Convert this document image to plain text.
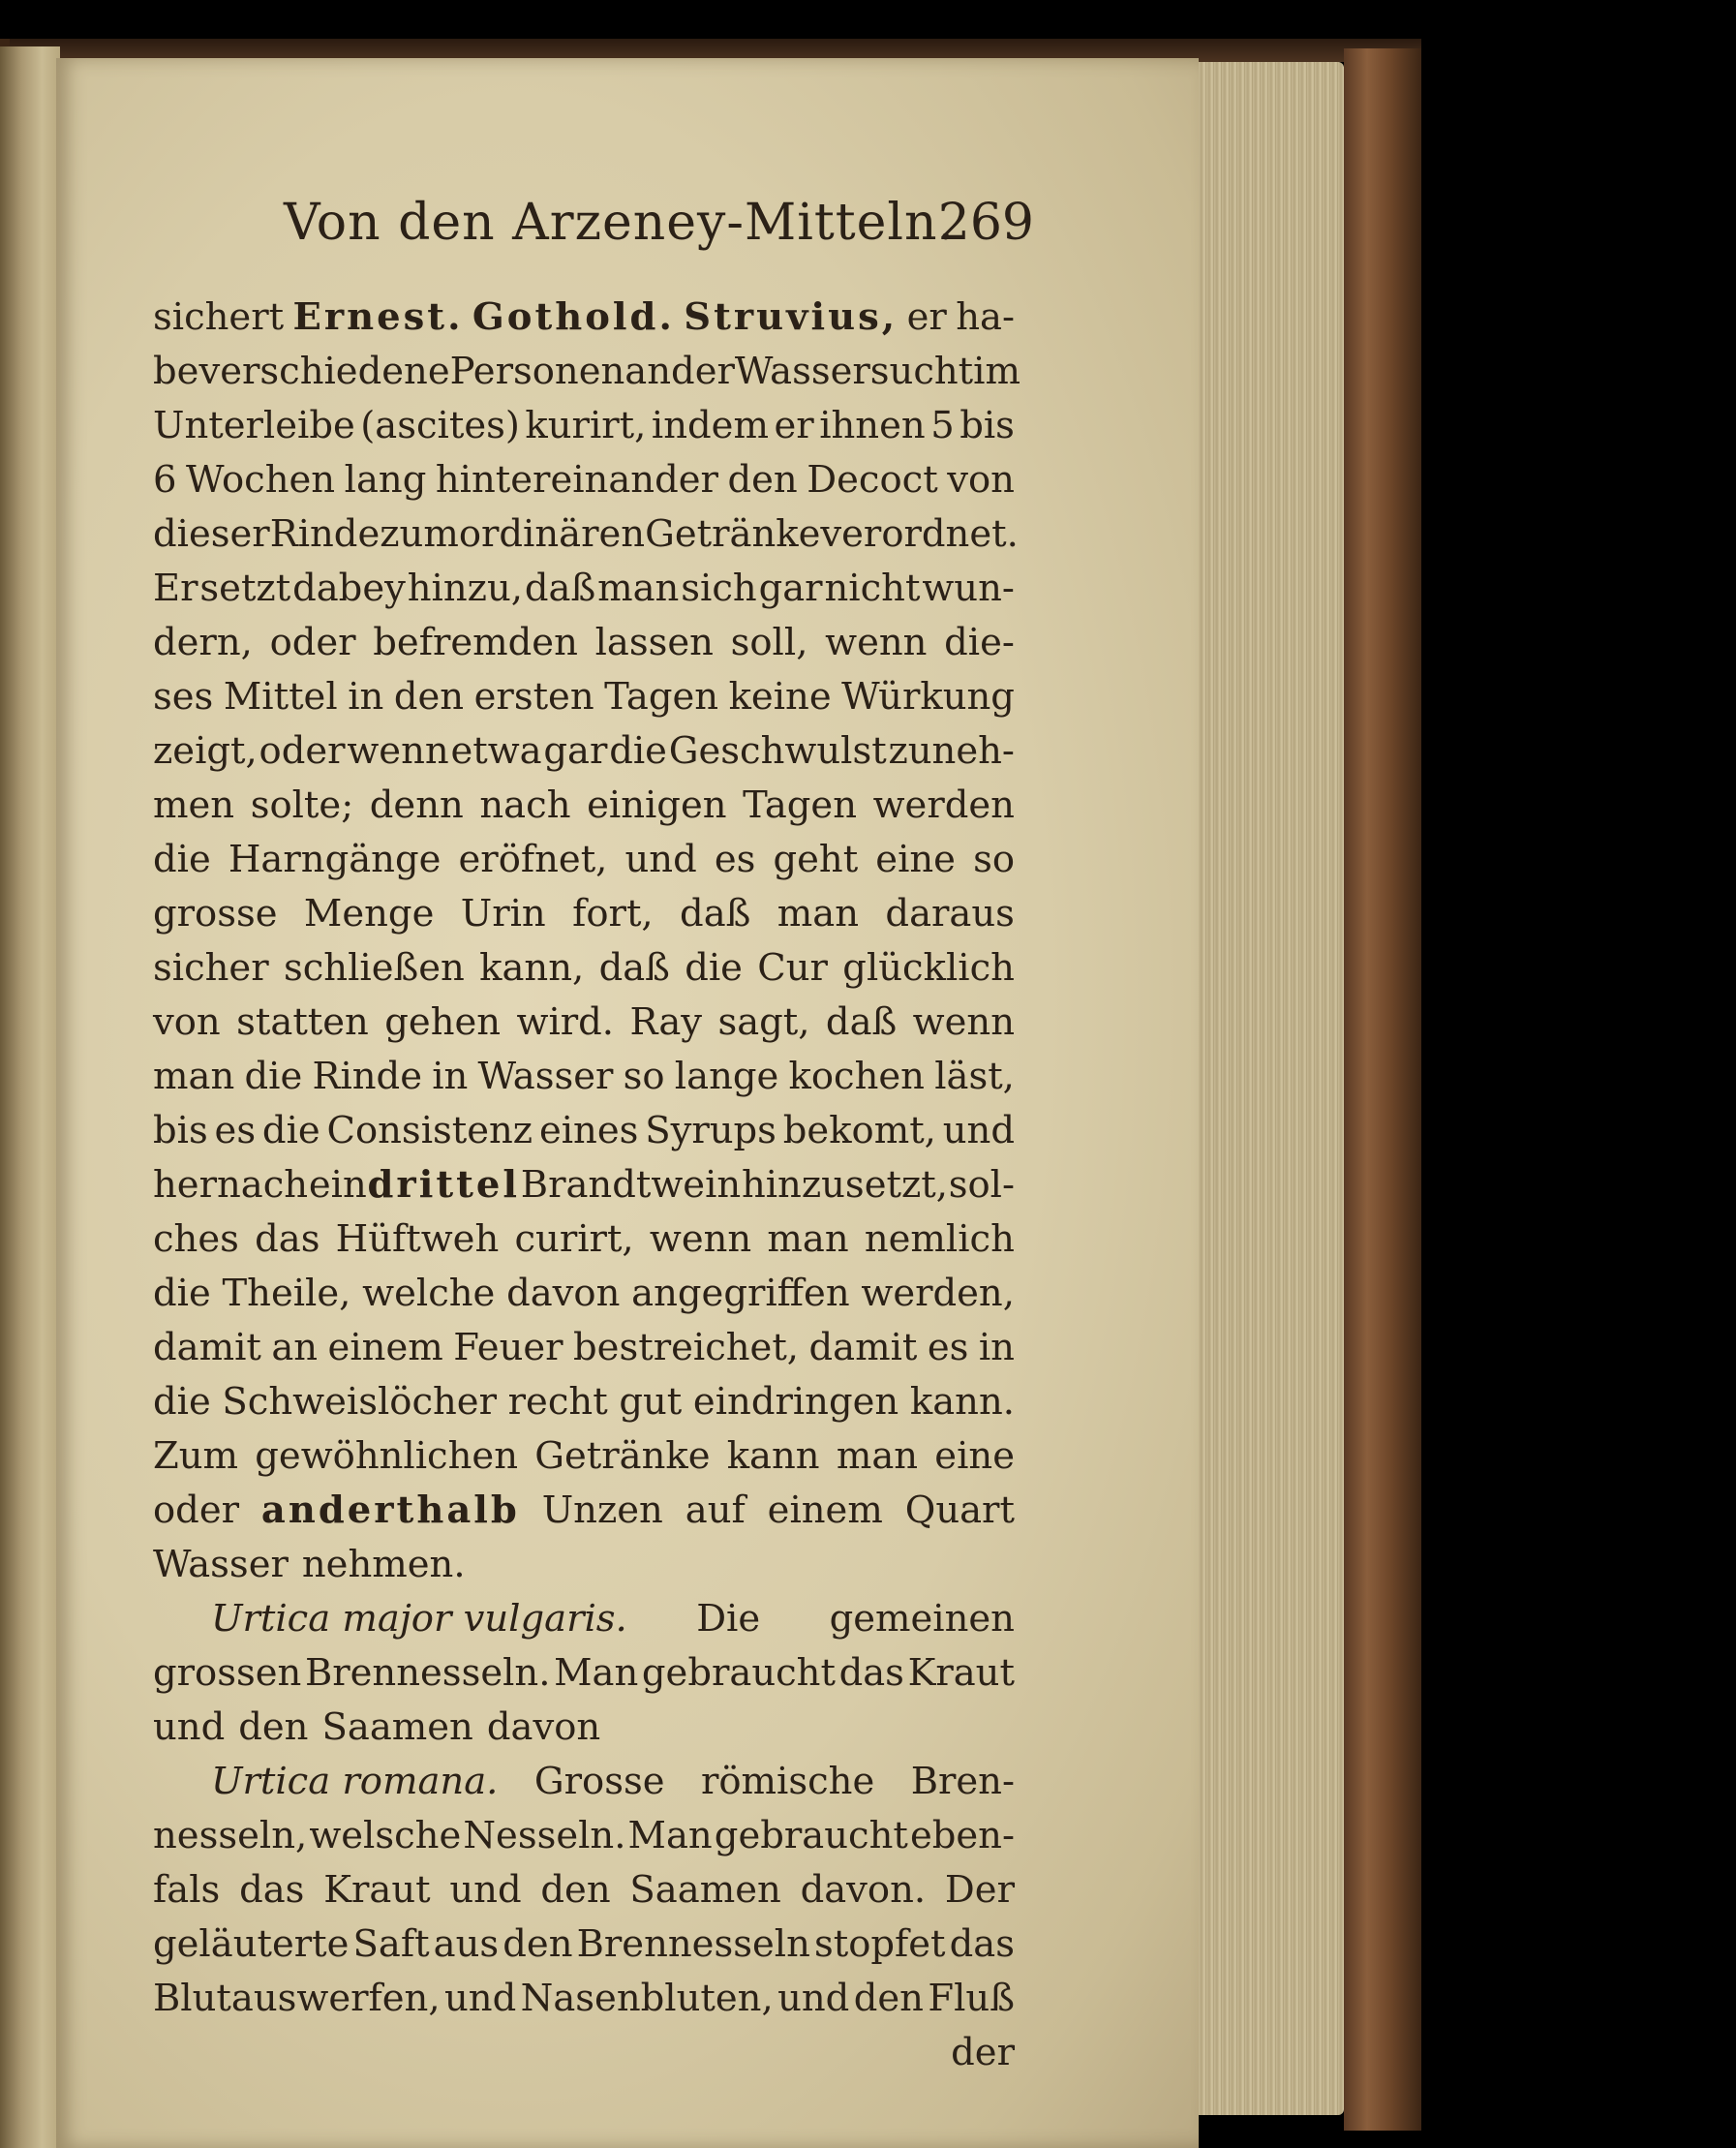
Von den Arzeney-Mitteln.
269
sichert Ernest. Gothold. Struvius, er ha-
be verschiedene Personen an der Wassersucht im
Unterleibe (ascites) kurirt, indem er ihnen 5 bis
6 Wochen lang hintereinander den Decoct von
dieser Rinde zum ordinären Getränke verordnet.
Er setzt dabey hinzu, daß man sich gar nicht wun-
dern, oder befremden lassen soll, wenn die-
ses Mittel in den ersten Tagen keine Würkung
zeigt, oder wenn etwa gar die Geschwulst zuneh-
men solte; denn nach einigen Tagen werden
die Harngänge eröfnet, und es geht eine so
grosse Menge Urin fort, daß man daraus
sicher schließen kann, daß die Cur glücklich
von statten gehen wird. Ray sagt, daß wenn
man die Rinde in Wasser so lange kochen läst,
bis es die Consistenz eines Syrups bekomt, und
hernach ein drittel Brandtwein hinzusetzt, sol-
ches das Hüftweh curirt, wenn man nemlich
die Theile, welche davon angegriffen werden,
damit an einem Feuer bestreichet, damit es in
die Schweislöcher recht gut eindringen kann.
Zum gewöhnlichen Getränke kann man eine
oder anderthalb Unzen auf einem Quart
Wasser nehmen.
Urtica major vulgaris. Die gemeinen
grossen Brennesseln. Man gebraucht das Kraut
und den Saamen davon
Urtica romana. Grosse römische Bren-
nesseln, welsche Nesseln. Man gebraucht eben-
fals das Kraut und den Saamen davon. Der
geläuterte Saft aus den Brennesseln stopfet das
Blutauswerfen, und Nasenbluten, und den Fluß
der
